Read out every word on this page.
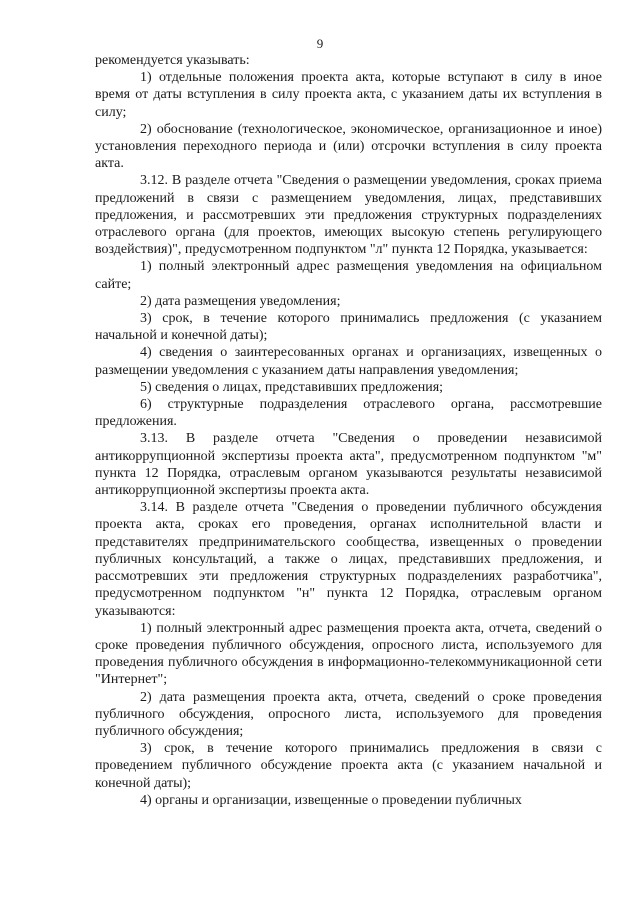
9

рекомендуется указывать:

1) отдельные положения проекта акта, которые вступают в силу в иное время от даты вступления в силу проекта акта, с указанием даты их вступления в силу;

2) обоснование (технологическое, экономическое, организационное и иное) установления переходного периода и (или) отсрочки вступления в силу проекта акта.

3.12. В разделе отчета "Сведения о размещении уведомления, сроках приема предложений в связи с размещением уведомления, лицах, представивших предложения, и рассмотревших эти предложения структурных подразделениях отраслевого органа (для проектов, имеющих высокую степень регулирующего воздействия)", предусмотренном подпунктом "л" пункта 12 Порядка, указывается:

1) полный электронный адрес размещения уведомления на официальном сайте;

2) дата размещения уведомления;

3) срок, в течение которого принимались предложения (с указанием начальной и конечной даты);

4) сведения о заинтересованных органах и организациях, извещенных о размещении уведомления с указанием даты направления уведомления;

5) сведения о лицах, представивших предложения;

6) структурные подразделения отраслевого органа, рассмотревшие предложения.

3.13. В разделе отчета "Сведения о проведении независимой антикоррупционной экспертизы проекта акта", предусмотренном подпунктом "м" пункта 12 Порядка, отраслевым органом указываются результаты независимой антикоррупционной экспертизы проекта акта.

3.14. В разделе отчета "Сведения о проведении публичного обсуждения проекта акта, сроках его проведения, органах исполнительной власти и представителях предпринимательского сообщества, извещенных о проведении публичных консультаций, а также о лицах, представивших предложения, и рассмотревших эти предложения структурных подразделениях разработчика", предусмотренном подпунктом "н" пункта 12 Порядка, отраслевым органом указываются:

1) полный электронный адрес размещения проекта акта, отчета, сведений о сроке проведения публичного обсуждения, опросного листа, используемого для проведения публичного обсуждения в информационно-телекоммуникационной сети "Интернет";

2) дата размещения проекта акта, отчета, сведений о сроке проведения публичного обсуждения, опросного листа, используемого для проведения публичного обсуждения;

3) срок, в течение которого принимались предложения в связи с проведением публичного обсуждение проекта акта (с указанием начальной и конечной даты);

4) органы и организации, извещенные о проведении публичных
